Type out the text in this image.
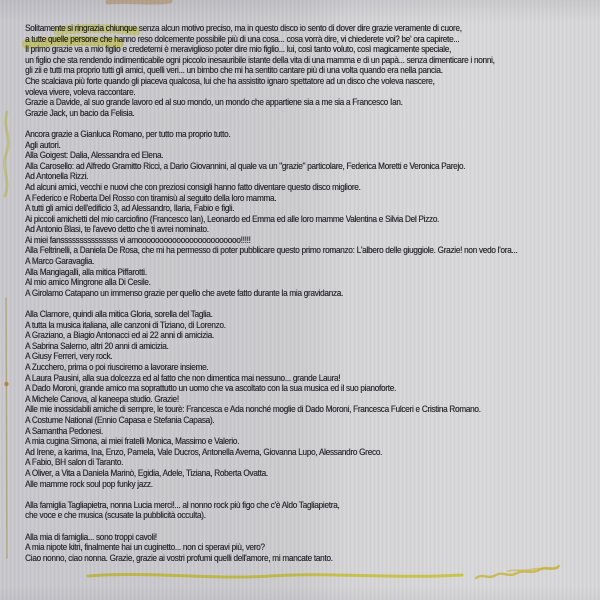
Solitamente si ringrazia chiunque senza alcun motivo preciso, ma in questo disco io sento di dover dire grazie veramente di cuore,
a tutte quelle persone che hanno reso dolcemente possibile più di una cosa... cosa vorrà dire, vi chiederete voi? be' ora capirete...
Il primo grazie va a mio figlio e credetemi è meraviglioso poter dire mio figlio... lui, così tanto voluto, così magicamente speciale,
un figlio che sta rendendo indimenticabile ogni piccolo inesauribile istante della vita di una mamma e di un papà... senza dimenticare i nonni,
gli zii e tutti ma proprio tutti gli amici, quelli veri... un bimbo che mi ha sentito cantare più di una volta quando era nella pancia.
Che scalciava più forte quando gli piaceva qualcosa, lui che ha assistito ignaro spettatore ad un disco che voleva nascere,
voleva vivere, voleva raccontare.
Grazie a Davide, al suo grande lavoro ed al suo mondo, un mondo che appartiene sia a me sia a Francesco Ian.
Grazie Jack, un bacio da Felisia.
Ancora grazie a Gianluca Romano, per tutto ma proprio tutto.
Agli autori.
Alla Goigest: Dalia, Alessandra ed Elena.
Alla Carosello: ad Alfredo Gramitto Ricci, a Dario Giovannini, al quale va un "grazie" particolare, Federica Moretti e Veronica Parejo.
Ad Antonella Rizzi.
Ad alcuni amici, vecchi e nuovi che con preziosi consigli hanno fatto diventare questo disco migliore.
A Federico e Roberta Del Rosso con tiramisù al seguito della loro mamma.
A tutti gli amici dell'edificio 3, ad Alessandro, Ilaria, Fabio e figli.
Ai piccoli amichetti del mio carciofino (Francesco Ian), Leonardo ed Emma ed alle loro mamme Valentina e Silvia Del Pizzo.
Ad Antonio Blasi, te l'avevo detto che ti avrei nominato.
Ai miei fansssssssssssssss vi amoooooooooooooooooooooooo!!!!!
Alla Feltrinelli, a Daniela De Rosa, che mi ha permesso di poter pubblicare questo primo romanzo: L'albero delle giuggiole. Grazie! non vedo l'ora...
A Marco Garavaglia.
Alla Mangiagalli, alla mitica Piffarotti.
Al mio amico Mingrone alla Di Cesile.
A Girolamo Catapano un immenso grazie per quello che avete fatto durante la mia gravidanza.
Alla Clamore, quindi alla mitica Gloria, sorella del Taglia.
A tutta la musica italiana, alle canzoni di Tiziano, di Lorenzo.
A Graziano, a Biagio Antonacci ed ai 22 anni di amicizia.
A Sabrina Salerno, altri 20 anni di amicizia.
A Giusy Ferreri, very rock.
A Zucchero, prima o poi riusciremo a lavorare insieme.
A Laura Pausini, alla sua dolcezza ed al fatto che non dimentica mai nessuno... grande Laura!
A Dado Moroni, grande amico ma soprattutto un uomo che va ascoltato con la sua musica ed il suo pianoforte.
A Michele Canova, al kaneepa studio. Grazie!
Alle mie inossidabili amiche di sempre, le tourè: Francesca e Ada nonché moglie di Dado Moroni, Francesca Fulceri e Cristina Romano.
A Costume National (Ennio Capasa e Stefania Capasa).
A Samantha Pedonesi.
A mia cugina Simona, ai miei fratelli Monica, Massimo e Valerio.
Ad Irene, a karima, Ina, Enzo, Pamela, Vale Ducros, Antonella Averna, Giovanna Lupo, Alessandro Greco.
A Fabio, BH salon di Taranto.
A Oliver, a Vita a Daniela Marinò, Egidia, Adele, Tiziana, Roberta Ovatta.
Alle mamme rock soul pop funky jazz.
Alla famiglia Tagliapietra, nonna Lucia merci!... al nonno rock più figo che c'è Aldo Tagliapietra,
che voce e che musica (scusate la pubblicità occulta).
Alla mia di famiglia... sono troppi cavoli!
A mia nipote kitri, finalmente hai un cuginetto... non ci speravi più, vero?
Ciao nonno, ciao nonna. Grazie, grazie ai vostri profumi quelli dell'amore, mi mancate tanto.
